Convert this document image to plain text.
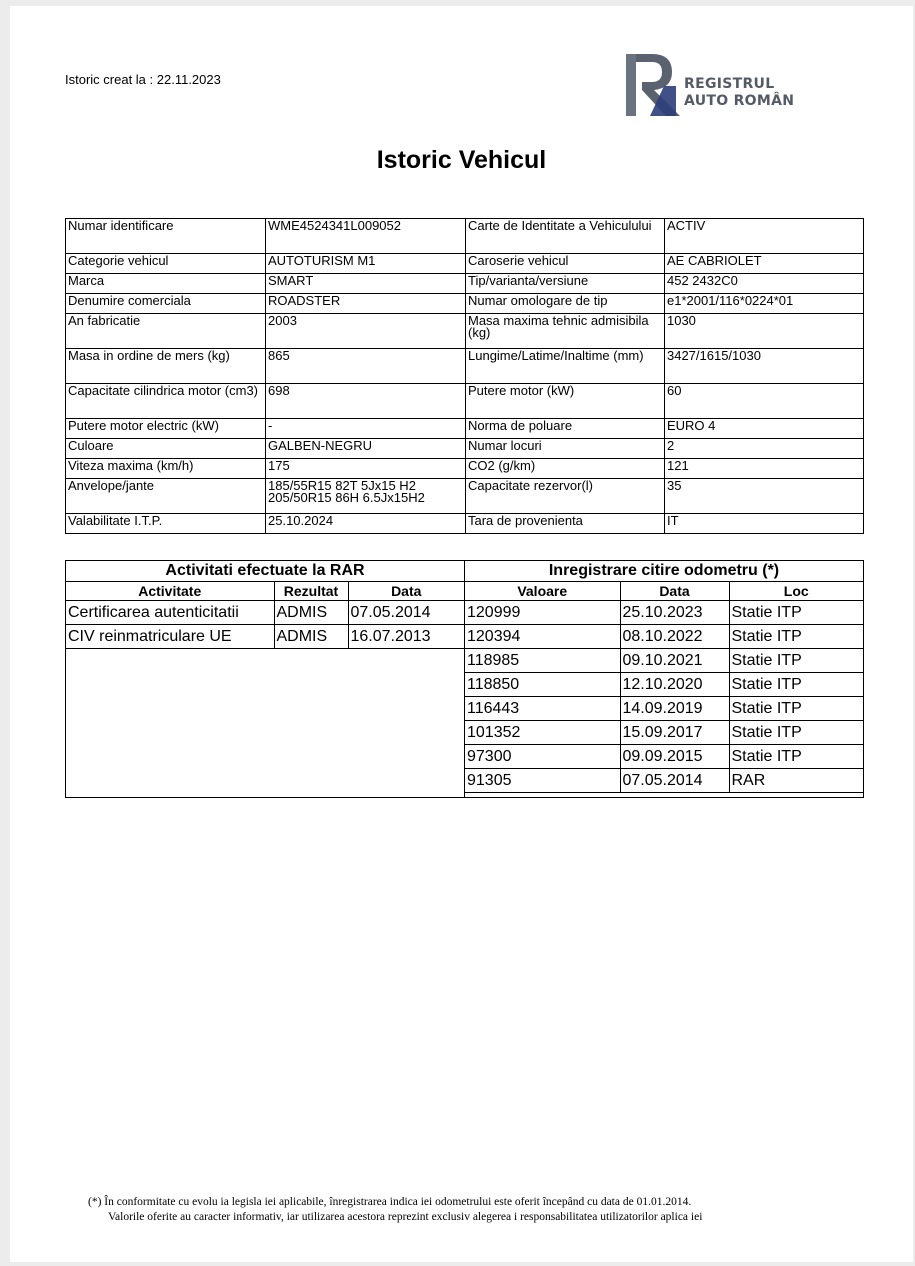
Istoric creat la : 22.11.2023	REGISTRUL
AUTO ROMÂN
Istoric Vehicul
Numar identificare	WME4524341L009052	Carte de Identitate a Vehiculului	ACTIV
Categorie vehicul	AUTOTURISM M1	Caroserie vehicul	AE CABRIOLET
Marca	SMART	Tip/varianta/versiune	452 2432C0
Denumire comerciala	ROADSTER	Numar omologare de tip	e1*2001/116*0224*01
An fabricatie	2003	Masa maxima tehnic admisibila (kg)	1030
Masa in ordine de mers (kg)	865	Lungime/Latime/Inaltime (mm)	3427/1615/1030
Capacitate cilindrica motor (cm3)	698	Putere motor (kW)	60
Putere motor electric (kW)	-	Norma de poluare	EURO 4
Culoare	GALBEN-NEGRU	Numar locuri	2
Viteza maxima (km/h)	175	CO2 (g/km)	121
Anvelope/jante	185/55R15 82T 5Jx15 H2 205/50R15 86H 6.5Jx15H2	Capacitate rezervor(l)	35
Valabilitate I.T.P.	25.10.2024	Tara de provenienta	IT
Activitati efectuate la RAR
Activitate	Rezultat	Data
Certificarea autenticitatii	ADMIS	07.05.2014
CIV reinmatriculare UE	ADMIS	16.07.2013
Inregistrare citire odometru (*)
Valoare	Data	Loc
120999	25.10.2023	Statie ITP
120394	08.10.2022	Statie ITP
118985	09.10.2021	Statie ITP
118850	12.10.2020	Statie ITP
116443	14.09.2019	Statie ITP
101352	15.09.2017	Statie ITP
97300	09.09.2015	Statie ITP
91305	07.05.2014	RAR
(*) În conformitate cu evolu ia legisla iei aplicabile, înregistrarea indica iei odometrului este oferit începând cu data de 01.01.2014.
Valorile oferite au caracter informativ, iar utilizarea acestora reprezint exclusiv alegerea i responsabilitatea utilizatorilor aplica iei
